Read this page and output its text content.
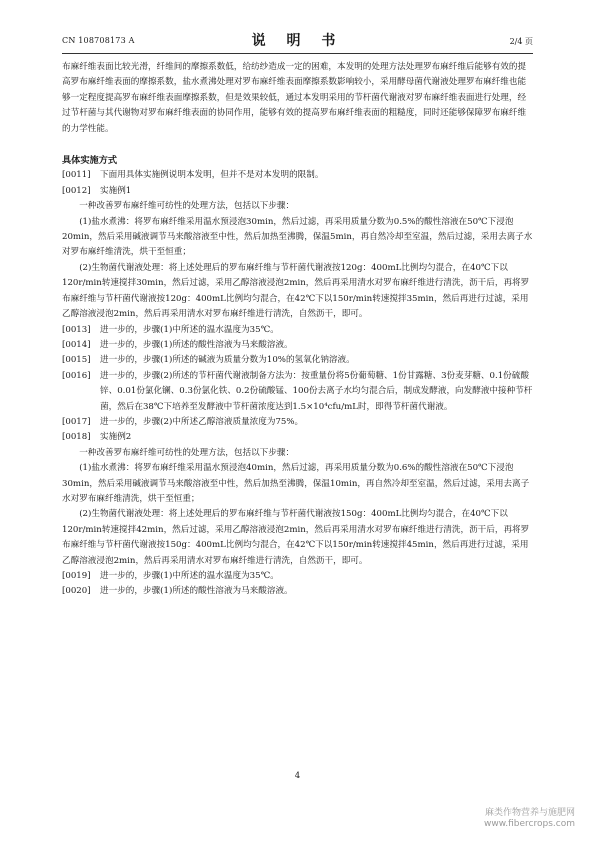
CN 108708173 A	说 明 书	2/4 页

布麻纤维表面比较光滑，纤维间的摩擦系数低，给纺纱造成一定的困难，本发明的处理方法处理罗布麻纤维后能够有效的提高罗布麻纤维表面的摩擦系数，盐水煮沸处理对罗布麻纤维表面摩擦系数影响较小，采用酵母菌代谢液处理罗布麻纤维也能够一定程度提高罗布麻纤维表面摩擦系数，但是效果较低，通过本发明采用的节杆菌代谢液对罗布麻纤维表面进行处理，经过节杆菌与其代谢物对罗布麻纤维表面的协同作用，能够有效的提高罗布麻纤维表面的粗糙度，同时还能够保障罗布麻纤维的力学性能。

具体实施方式

[0011]	下面用具体实施例说明本发明，但并不是对本发明的限制。
[0012]	实施例1

一种改善罗布麻纤维可纺性的处理方法，包括以下步骤：

(1)盐水煮沸：将罗布麻纤维采用温水预浸泡30min，然后过滤，再采用质量分数为0.5%的酸性溶液在50℃下浸泡20min，然后采用碱液调节马来酸溶液至中性，然后加热至沸腾，保温5min，再自然冷却至室温，然后过滤，采用去离子水对罗布麻纤维清洗，烘干至恒重；

(2)生物菌代谢液处理：将上述处理后的罗布麻纤维与节杆菌代谢液按120g：400mL比例均匀混合，在40℃下以120r/min转速搅拌30min，然后过滤，采用乙醇溶液浸泡2min，然后再采用清水对罗布麻纤维进行清洗，沥干后，再将罗布麻纤维与节杆菌代谢液按120g：400mL比例均匀混合，在42℃下以150r/min转速搅拌35min，然后再进行过滤，采用乙醇溶液浸泡2min，然后再采用清水对罗布麻纤维进行清洗，自然沥干，即可。

[0013]	进一步的，步骤(1)中所述的温水温度为35℃。
[0014]	进一步的，步骤(1)所述的酸性溶液为马来酸溶液。
[0015]	进一步的，步骤(1)所述的碱液为质量分数为10%的氢氧化钠溶液。
[0016]	进一步的，步骤(2)所述的节杆菌代谢液制备方法为：按重量份将5份葡萄糖、1份甘露糖、3份麦芽糖、0.1份硫酸锌、0.01份氯化镧、0.3份氯化铁、0.2份硫酸锰、100份去离子水均匀混合后，制成发酵液，向发酵液中接种节杆菌，然后在38℃下培养至发酵液中节杆菌浓度达到1.5×10⁴cfu/mL时，即得节杆菌代谢液。
[0017]	进一步的，步骤(2)中所述乙醇溶液质量浓度为75%。
[0018]	实施例2

一种改善罗布麻纤维可纺性的处理方法，包括以下步骤：

(1)盐水煮沸：将罗布麻纤维采用温水预浸泡40min，然后过滤，再采用质量分数为0.6%的酸性溶液在50℃下浸泡30min，然后采用碱液调节马来酸溶液至中性，然后加热至沸腾，保温10min，再自然冷却至室温，然后过滤，采用去离子水对罗布麻纤维清洗，烘干至恒重；

(2)生物菌代谢液处理：将上述处理后的罗布麻纤维与节杆菌代谢液按150g：400mL比例均匀混合，在40℃下以120r/min转速搅拌42min，然后过滤，采用乙醇溶液浸泡2min，然后再采用清水对罗布麻纤维进行清洗，沥干后，再将罗布麻纤维与节杆菌代谢液按150g：400mL比例均匀混合，在42℃下以150r/min转速搅拌45min，然后再进行过滤，采用乙醇溶液浸泡2min，然后再采用清水对罗布麻纤维进行清洗，自然沥干，即可。

[0019]	进一步的，步骤(1)中所述的温水温度为35℃。
[0020]	进一步的，步骤(1)所述的酸性溶液为马来酸溶液。
4
麻类作物营养与施肥网
www.fibercrops.com
